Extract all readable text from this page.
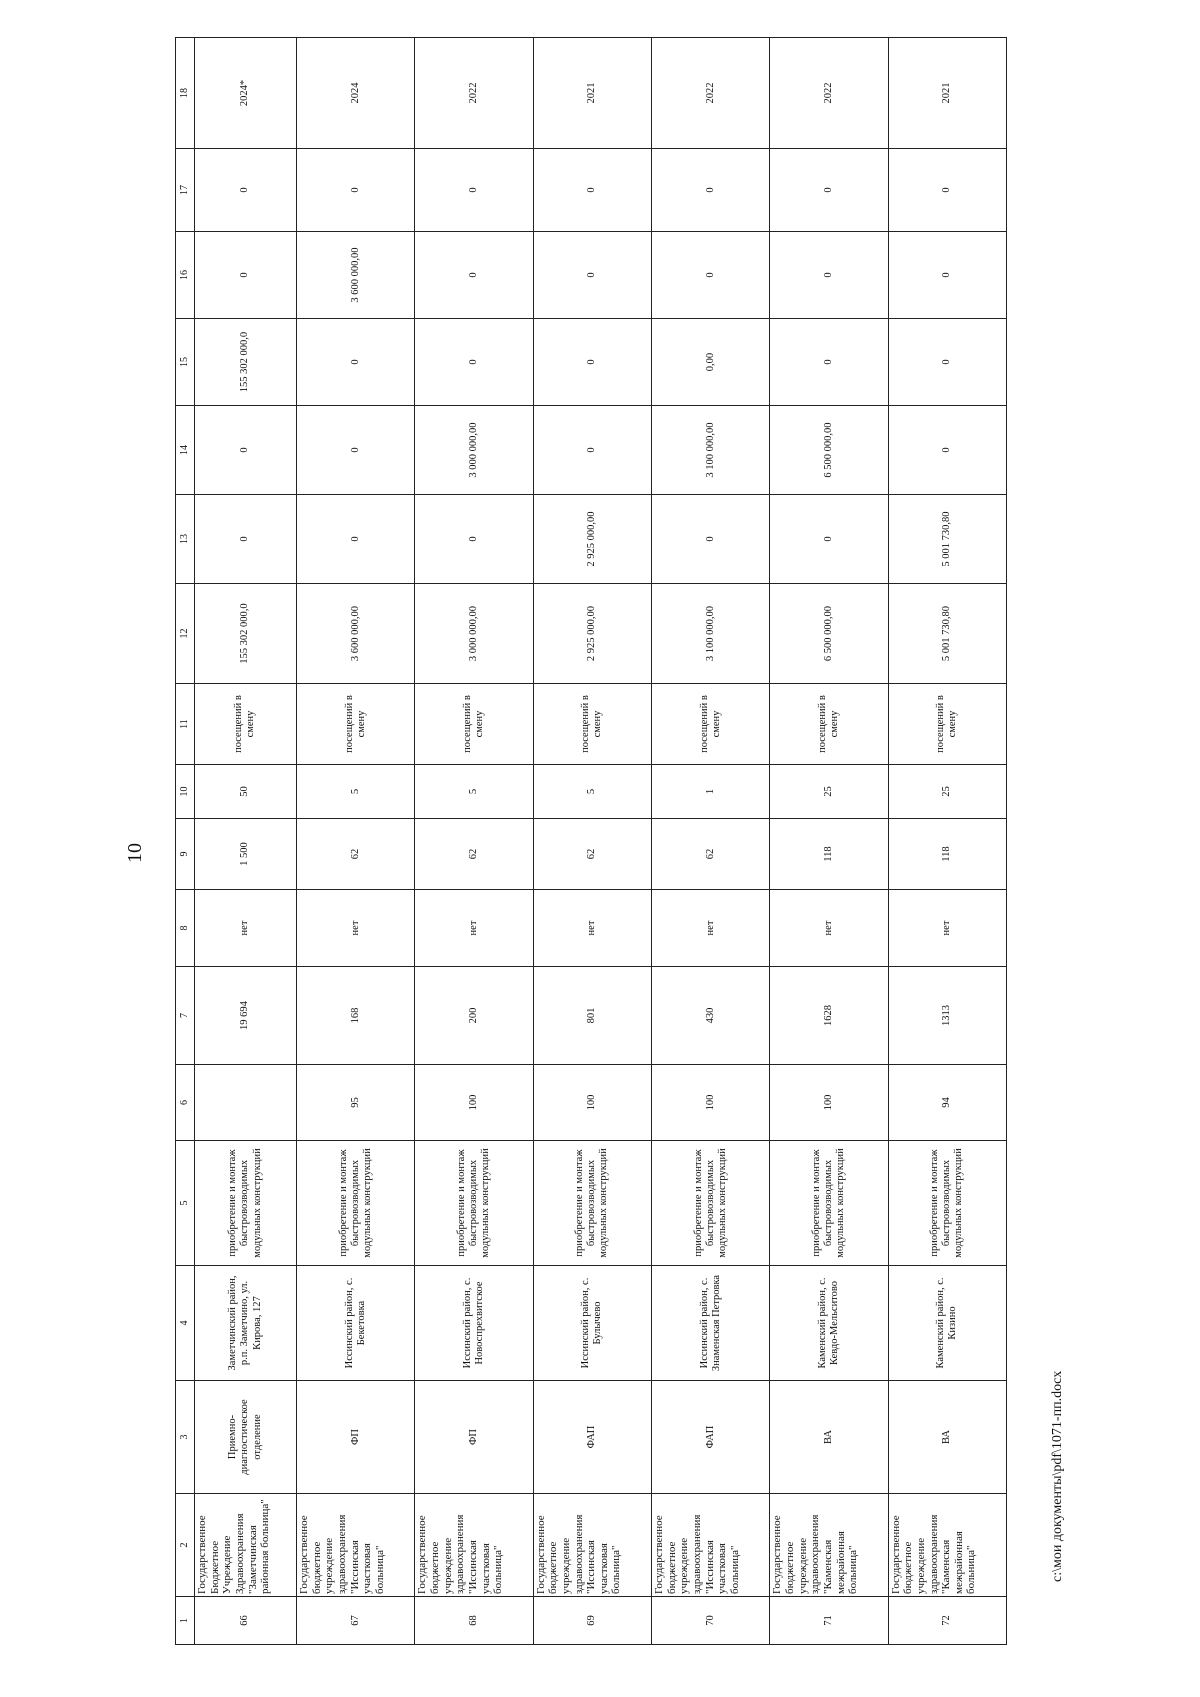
10
1	2	3	4	5	6	7	8	9	10	11	12	13	14	15	16	17	18
66	Государственное Бюджетное Учреждение Здравоохранения "Заметчинская районная больница"	Приемно-диагностическое отделение	Заметчинский район, р.п. Заметчино, ул. Кирова, 127	приобретение и монтаж быстровозводимых модульных конструкций		19 694	нет	1 500	50	посещений в смену	155 302 000,0	0	0	155 302 000,0	0	0	2024*
67	Государственное бюджетное учреждение здравоохранения "Иссинская участковая больница"	ФП	Иссинский район, с. Бекетовка	приобретение и монтаж быстровозводимых модульных конструкций	95	168	нет	62	5	посещений в смену	3 600 000,00	0	0	0	3 600 000,00	0	2024
68	Государственное бюджетное учреждение здравоохранения "Иссинская участковая больница"	ФП	Иссинский район, с. Новоспрехвитское	приобретение и монтаж быстровозводимых модульных конструкций	100	200	нет	62	5	посещений в смену	3 000 000,00	0	3 000 000,00	0	0	0	2022
69	Государственное бюджетное учреждение здравоохранения "Иссинская участковая больница"	ФАП	Иссинский район, с. Булычево	приобретение и монтаж быстровозводимых модульных конструкций	100	801	нет	62	5	посещений в смену	2 925 000,00	2 925 000,00	0	0	0	0	2021
70	Государственное бюджетное учреждение здравоохранения "Иссинская участковая больница"	ФАП	Иссинский район, с. Знаменская Петровка	приобретение и монтаж быстровозводимых модульных конструкций	100	430	нет	62	1	посещений в смену	3 100 000,00	0	3 100 000,00	0,00	0	0	2022
71	Государственное бюджетное учреждение здравоохранения "Каменская межрайонная больница"	ВА	Каменский район, с. Кевдо-Мельситово	приобретение и монтаж быстровозводимых модульных конструкций	100	1628	нет	118	25	посещений в смену	6 500 000,00	0	6 500 000,00	0	0	0	2022
72	Государственное бюджетное учреждение здравоохранения "Каменская межрайонная больница"	ВА	Каменский район, с. Кизино	приобретение и монтаж быстровозводимых модульных конструкций	94	1313	нет	118	25	посещений в смену	5 001 730,80	5 001 730,80	0	0	0	0	2021
c:\мои документы\pdf\1071-пп.docx
